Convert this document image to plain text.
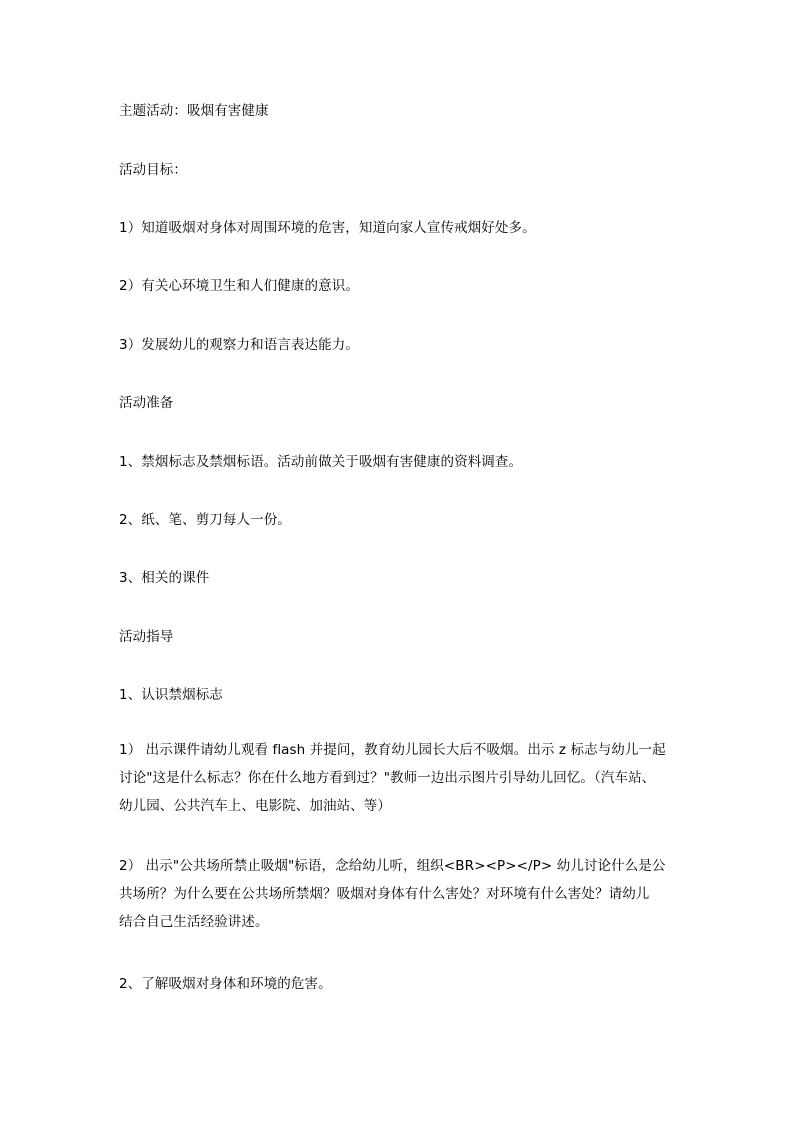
主题活动：吸烟有害健康
活动目标：
1）知道吸烟对身体对周围环境的危害，知道向家人宣传戒烟好处多。
2）有关心环境卫生和人们健康的意识。
3）发展幼儿的观察力和语言表达能力。
活动准备
1、禁烟标志及禁烟标语。活动前做关于吸烟有害健康的资料调查。
2、纸、笔、剪刀每人一份。
3、相关的课件
活动指导
1、认识禁烟标志
1） 出示课件请幼儿观看 flash 并提问，教育幼儿园长大后不吸烟。出示 z 标志与幼儿一起
讨论"这是什么标志？你在什么地方看到过？"教师一边出示图片引导幼儿回忆。（汽车站、
幼儿园、公共汽车上、电影院、加油站、等）
2） 出示"公共场所禁止吸烟"标语，念给幼儿听，组织<BR><P></P> 幼儿讨论什么是公
共场所？为什么要在公共场所禁烟？吸烟对身体有什么害处？对环境有什么害处？请幼儿
结合自己生活经验讲述。
2、了解吸烟对身体和环境的危害。
